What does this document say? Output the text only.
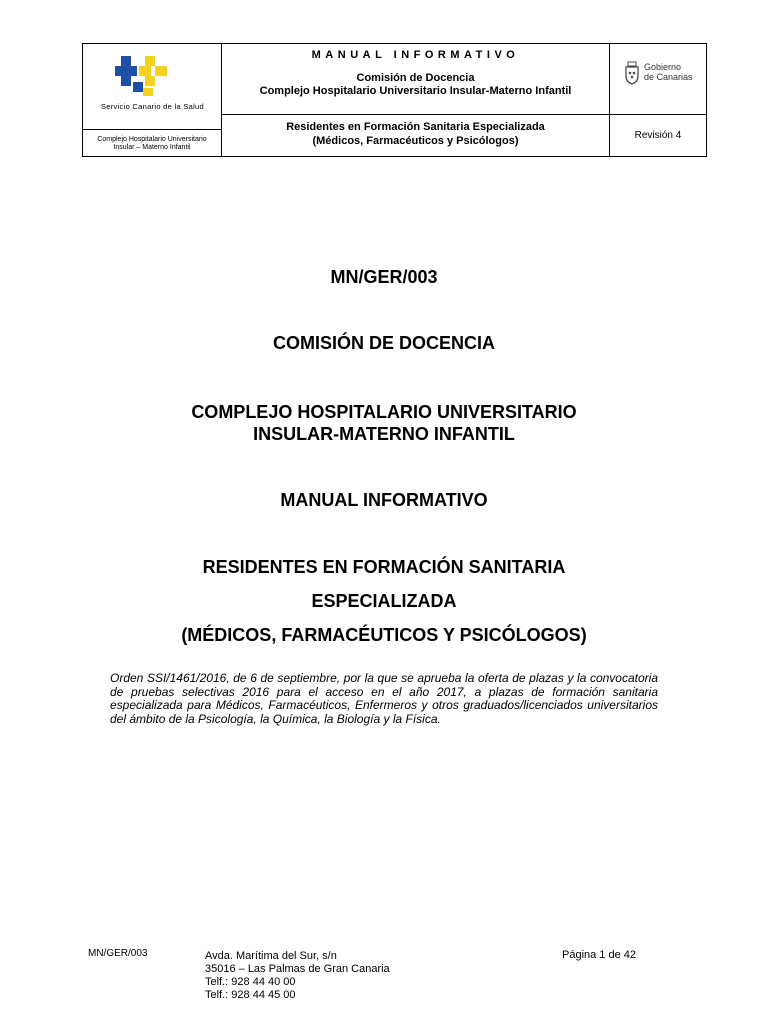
Servicio Canario de la Salud
Complejo Hospitalario Universitario
Insular – Materno Infantil
MANUAL INFORMATIVO
Comisión de Docencia
Complejo Hospitalario Universitario Insular-Materno Infantil
Residentes en Formación Sanitaria Especializada
(Médicos, Farmacéuticos y Psicólogos)
Gobierno
de Canarias
Revisión 4
MN/GER/003
COMISIÓN DE DOCENCIA
COMPLEJO HOSPITALARIO UNIVERSITARIO
INSULAR-MATERNO INFANTIL
MANUAL INFORMATIVO
RESIDENTES EN FORMACIÓN SANITARIA
ESPECIALIZADA
(MÉDICOS, FARMACÉUTICOS Y PSICÓLOGOS)
Orden SSI/1461/2016, de 6 de septiembre, por la que se aprueba la oferta de plazas y la convocatoria de pruebas selectivas 2016 para el acceso en el año 2017, a plazas de formación sanitaria especializada para Médicos, Farmacéuticos, Enfermeros y otros graduados/licenciados universitarios del ámbito de la Psicología, la Química, la Biología y la Física.
MN/GER/003	Avda. Marítima del Sur, s/n
35016 – Las Palmas de Gran Canaria
Telf.: 928 44 40 00
Telf.: 928 44 45 00
Página 1 de 42
